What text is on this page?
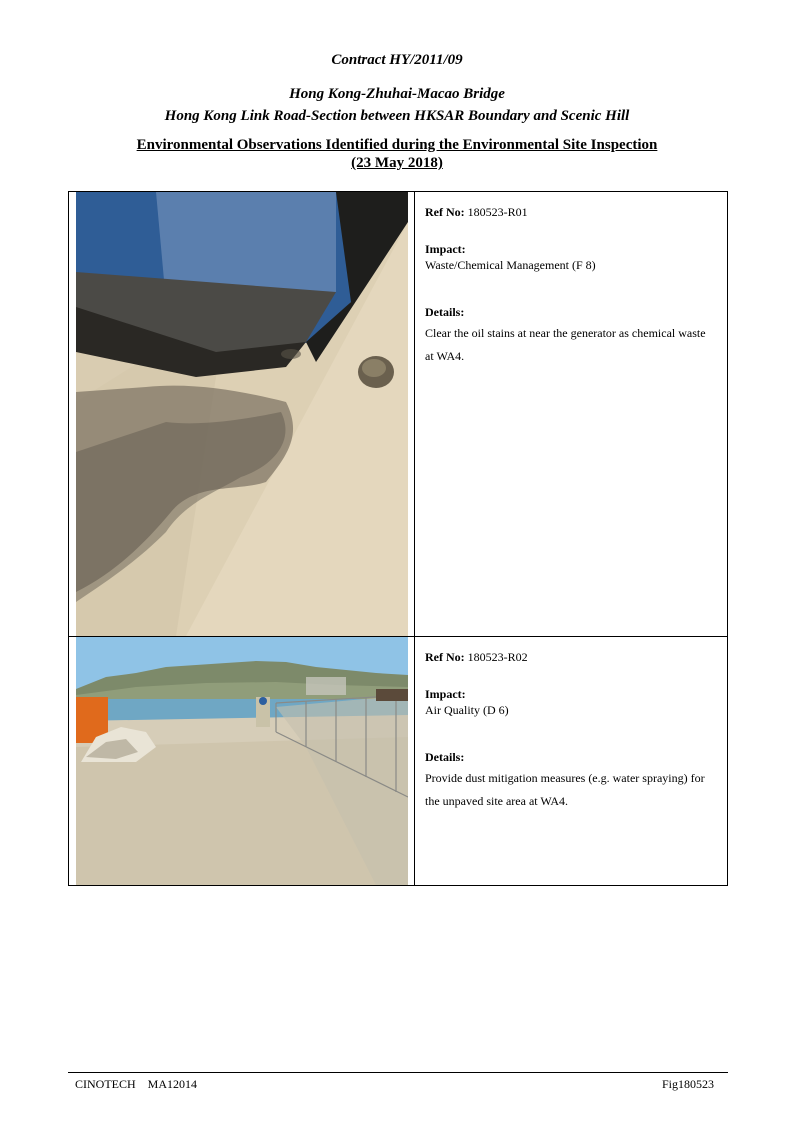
Contract HY/2011/09
Hong Kong-Zhuhai-Macao Bridge
Hong Kong Link Road-Section between HKSAR Boundary and Scenic Hill
Environmental Observations Identified during the Environmental Site Inspection
(23 May 2018)
Ref No: 180523-R01
Impact:
Waste/Chemical Management (F 8)
Details:
Clear the oil stains at near the generator as chemical waste at WA4.
Ref No: 180523-R02
Impact:
Air Quality (D 6)
Details:
Provide dust mitigation measures (e.g. water spraying) for the unpaved site area at WA4.
CINOTECH    MA12014	Fig180523
